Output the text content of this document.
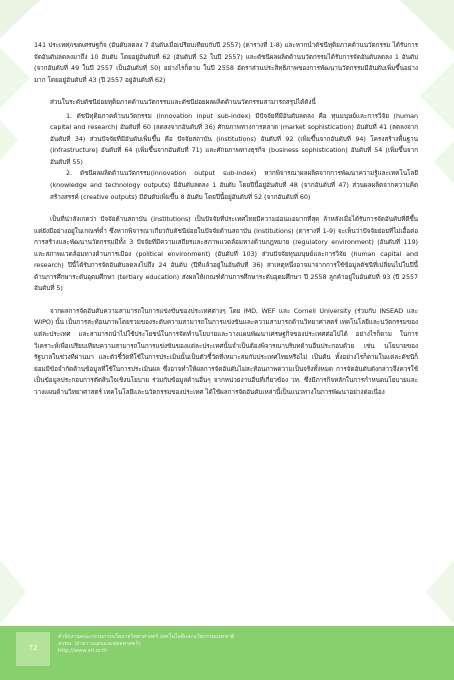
141 ประเทศ/เขตเศรษฐกิจ (อันดับลดลง 7 อันดับเมื่อเปรียบเทียบกับปี 2557) (ตารางที่ 1-8) และหากนำดัชนีทุติยภาคด้านนวัตกรรม ได้รับการจัดอันดับลดลงมาถึง 10 อันดับ โดยอยู่อันดับที่ 62 (อันดับที่ 52 ในปี 2557) และดัชนีผลผลิตด้านนวัตกรรมได้รับการจัดอันดับลดลง 1 อันดับ (จากอันดับที่ 49 ในปี 2557 เป็นอันดับที่ 50) อย่างไรก็ตาม ในปี 2558 อัตราส่วนประสิทธิภาพของการพัฒนานวัตกรรมมีอันดับเพิ่มขึ้นอย่างมาก โดยอยู่อันดับที่ 43 (ปี 2557 อยู่อันดับที่ 62)

ส่วนในระดับดัชนีย่อยทุติยภาคด้านนวัตกรรมและดัชนีย่อยผลผลิตด้านนวัตกรรมสามารถสรุปได้ดังนี้

1. ดัชนีทุติยภาคด้านนวัตกรรม (innovation input sub-index) มีปัจจัยที่มีอันดับลดลง คือ ทุนมนุษย์และการวิจัย (human capital and research) อันดับที่ 60 (ลดลงจากอันดับที่ 36) ศักยภาพทางการตลาด (market sophistication) อันดับที่ 41 (ลดลงจากอันดับที่ 34) ส่วนปัจจัยที่มีอันดับเพิ่มขึ้น คือ ปัจจัยสถาบัน (institutions) อันดับที่ 92 (เพิ่มขึ้นจากอันดับที่ 94) โครงสร้างพื้นฐาน (infrastructure) อันดับที่ 64 (เพิ่มขึ้นจากอันดับที่ 71) และศักยภาพทางธุรกิจ (business sophistication) อันดับที่ 54 (เพิ่มขึ้นจากอันดับที่ 55)

2. ดัชนีผลผลิตด้านนวัตกรรม(innovation output sub-index) หากพิจารณาผลผลิตจากการพัฒนาความรู้และเทคโนโลยี (knowledge and technology outputs) มีอันดับลดลง 1 อันดับ โดยปีนี้อยู่อันดับที่ 48 (จากอันดับที่ 47) ส่วนผลผลิตจากความคิดสร้างสรรค์ (creative outputs) มีอันดับเพิ่มขึ้น 8 อันดับ โดยปีนี้อยู่อันดับที่ 52 (จากอันดับที่ 60)

เป็นที่น่าสังเกตว่า ปัจจัยด้านสถาบัน (institutions) เป็นปัจจัยที่ประเทศไทยมีความอ่อนแอมากที่สุด ล้าหลังเมื่อได้รับการจัดอันดับที่ดีขึ้น แต่ยังมีอย่างอยู่ในเกณฑ์ต่ำ ซึ่งหากพิจารณาเกี่ยวกับดัชนีย่อยในปัจจัยด้านสถาบัน (institutions) (ตารางที่ 1-9) จะเห็นว่าปัจจัยย่อยที่ไม่เอื้อต่อการสร้างและพัฒนานวัตกรรมมีทั้ง 3 ปัจจัยที่มีความเสถียรและสภาพแวดล้อมทางด้านกฎหมาย (regulatory environment) (อันดับที่ 119) และสภาพแวดล้อมทางด้านการเมือง (political environment) (อันดับที่ 103) ส่วนปัจจัยทุนมนุษย์และการวิจัย (human capital and research) ปีนี้ได้รับการจัดอันดับลดลงไปถึง 24 อันดับ (ปีที่แล้วอยู่ในอันดับที่ 36) สาเหตุหนึ่งอาจมาจากการใช้ข้อมูลดัชนีที่เปลี่ยนไปในปีนี้ ด้านการศึกษาระดับอุดมศึกษา (tertiary education) ส่งผลให้เกณฑ์ด้านการศึกษาระดับอุดมศึกษา ปี 2558 ลูกค้าอยู่ในอันดับที่ 93 (ปี 2557 อันดับที่ 5)

จากผลการจัดอันดับความสามารถในการแข่งขันของประเทศต่างๆ โดย IMD, WEF และ Cornell University (ร่วมกับ INSEAD และ WIPO) นั้น เป็นการสะท้อนภาพโดยรวมของระดับความสามารถในการแข่งขันและความสามารถด้านวิทยาศาสตร์ เทคโนโลยีและนวัตกรรมของแต่ละประเทศ และสามารถนำไปใช้ประโยชน์ในการจัดทำนโยบายและวางแผนพัฒนาเศรษฐกิจของประเทศต่อไปได้ อย่างไรก็ตาม ในการวิเคราะห์เพื่อเปรียบเทียบความสามารถในการแข่งขันของแต่ละประเทศนั้นจำเป็นต้องพิจารณาบริบทด้านอื่นประกอบด้วย เช่น นโยบายของรัฐบาลในช่วงที่ผ่านมา และตัวชี้วัดที่ใช้ในการประเมินนั้นเป็นตัวชี้วัดที่เหมาะสมกับประเทศไทยหรือไม่ เป็นต้น ทั้งอย่างไรก็ตามในแต่ละดัชนีก็ย่อมมีข้อจำกัดด้านข้อมูลที่ใช้ในการประเมินผล ซึ่งอาจทำให้ผลการจัดอันดับไม่สะท้อนภาพความเป็นจริงทั้งหมด การจัดอันดับดังกล่าวจึงควรใช้เป็นข้อมูลประกอบการตัดสินใจเชิงนโยบาย ร่วมกับข้อมูลด้านอื่นๆ จากหน่วยงานอื่นที่เกี่ยวข้อง วท. ซึ่งมีภารกิจหลักในการกำหนดนโยบายและวางแผนด้านวิทยาศาสตร์ เทคโนโลยีและนวัตกรรมของประเทศ ได้ใช้ผลการจัดอันดับเหล่านี้เป็นแนวทางในการพัฒนาอย่างต่อเนื่อง

72
สำนักงานคณะกรรมการนโยบายวิทยาศาสตร์ เทคโนโลยีและนวัตกรรมแห่งชาติ
สวทน. (ฝ่ายวางแผนและยุทธศาสตร์)
http://www.sti.or.th
